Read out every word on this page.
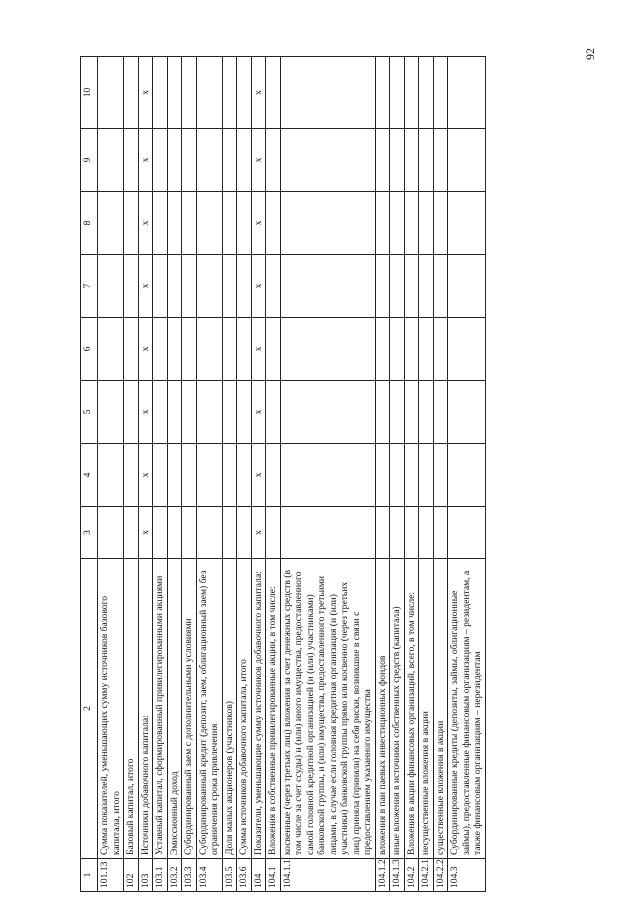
92
1	2	3	4	5	6	7	8	9	10
101.13	Сумма показателей, уменьшающих сумму источников базового капитала, итого								
102	Базовый капитал, итого								
103	Источники добавочного капитала:	х	х	х	х	х	х	х	х
103.1	Уставный капитал, сформированный привилегированными акциями								
103.2	Эмиссионный доход								
103.3	Субординированный заем с дополнительными условиями								
103.4	Субординированный кредит (депозит, заем, облигационный заем) без ограничения срока привлечения								
103.5	Доля малых акционеров (участников)								
103.6	Сумма источников добавочного капитала, итого								
104	Показатели, уменьшающие сумму источников добавочного капитала:	х	х	х	х	х	х	х	х
104.1	Вложения в собственные привилегированные акции, в том числе:								
104.1.1	косвенные (через третьих лиц) вложения за счет денежных средств (в том числе за счет ссуды) и (или) иного имущества, предоставленного самой головной кредитной организацией (и (или) участниками) банковской группы, и (или) имущества, предоставленного третьими лицами, в случае если головная кредитная организация (и (или) участники) банковской группы прямо или косвенно (через третьих лиц) приняла (приняли) на себя риски, возникшие в связи с предоставлением указанного имущества								
104.1.2	вложения в паи паевых инвестиционных фондов								
104.1.3	иные вложения в источники собственных средств (капитала)								
104.2	Вложения в акции финансовых организаций, всего, в том числе:								
104.2.1	несущественные вложения в акции								
104.2.2	существенные вложения в акции								
104.3	Субординированные кредиты (депозиты, займы, облигационные займы), предоставленные финансовым организациям – резидентам, а также финансовым организациям – нерезидентам								
